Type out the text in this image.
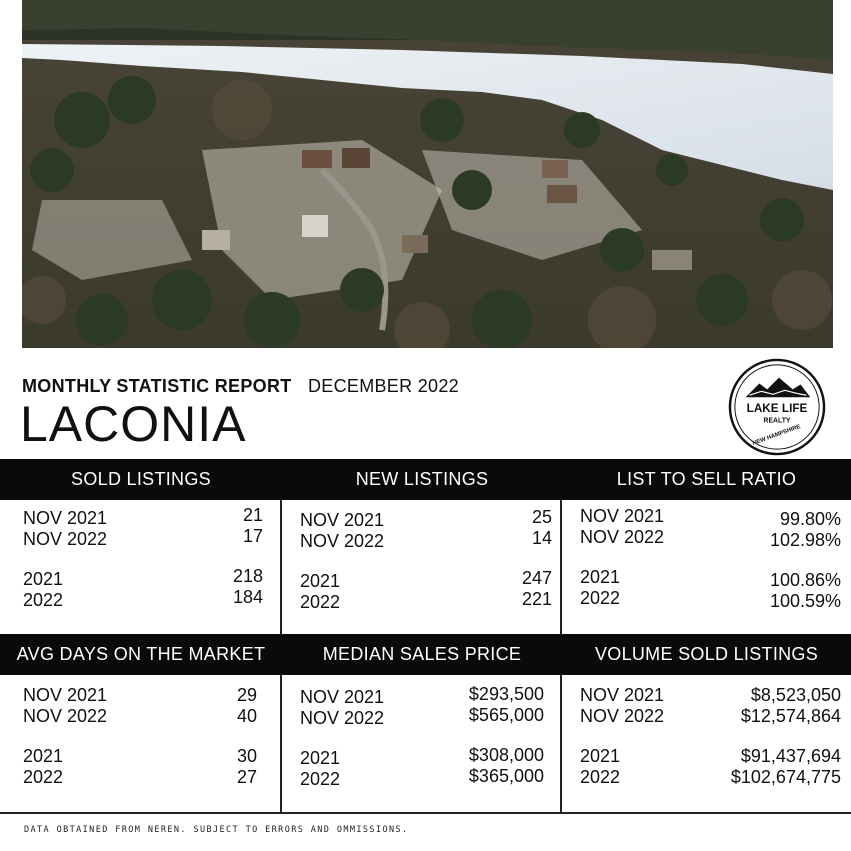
MONTHLY STATISTIC REPORT DECEMBER 2022
LACONIA	LAKE LIFE
REALTY
NEW HAMPSHIRE
SOLD LISTINGS	NEW LISTINGS	LIST TO SELL RATIO
AVG DAYS ON THE MARKET	MEDIAN SALES PRICE	VOLUME SOLD LISTINGS
NOV 2021	21
NOV 2022	17
2021	218
2022	184
NOV 2021	25
NOV 2022	14
2021	247
2022	221
NOV 2021	99.80%
NOV 2022	102.98%
2021	100.86%
2022	100.59%
NOV 2021	29
NOV 2022	40
2021	30
2022	27
NOV 2021	$293,500
NOV 2022	$565,000
2021	$308,000
2022	$365,000
NOV 2021	$8,523,050
NOV 2022	$12,574,864
2021	$91,437,694
2022	$102,674,775
DATA OBTAINED FROM NEREN. SUBJECT TO ERRORS AND OMMISSIONS.
